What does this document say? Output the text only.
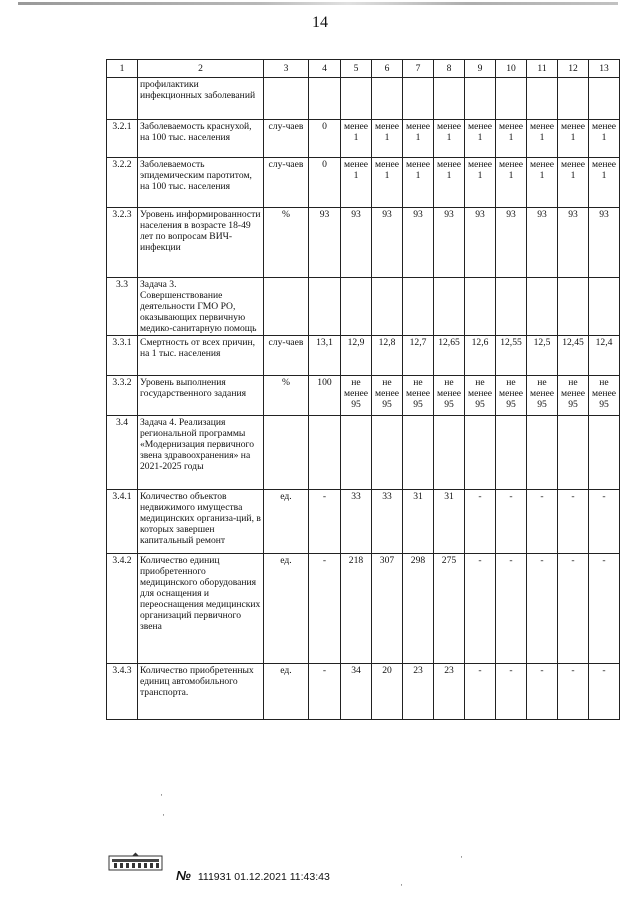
14
1	2	3	4	5	6	7	8	9	10	11	12	13
	профилактики инфекционных заболеваний											
3.2.1	Заболеваемость краснухой, на 100 тыс. населения	слу-чаев	0	менее 1	менее 1	менее 1	менее 1	менее 1	менее 1	менее 1	менее 1	менее 1
3.2.2	Заболеваемость эпидемическим паротитом, на 100 тыс. населения	слу-чаев	0	менее 1	менее 1	менее 1	менее 1	менее 1	менее 1	менее 1	менее 1	менее 1
3.2.3	Уровень информированности населения в возрасте 18-49 лет по вопросам ВИЧ-инфекции	%	93	93	93	93	93	93	93	93	93	93
3.3	Задача 3. Совершенствование деятельности ГМО РО, оказывающих первичную медико-санитарную помощь											
3.3.1	Смертность от всех причин, на 1 тыс. населения	слу-чаев	13,1	12,9	12,8	12,7	12,65	12,6	12,55	12,5	12,45	12,4
3.3.2	Уровень выполнения государственного задания	%	100	не менее 95	не менее 95	не менее 95	не менее 95	не менее 95	не менее 95	не менее 95	не менее 95	не менее 95
3.4	Задача 4. Реализация региональной программы «Модернизация первичного звена здравоохранения» на 2021-2025 годы											
3.4.1	Количество объектов недвижимого имущества медицинских организа-ций, в которых завершен капитальный ремонт	ед.	-	33	33	31	31	-	-	-	-	-
3.4.2	Количество единиц приобретенного медицинского оборудования для оснащения и переоснащения медицинских организаций первичного звена	ед.	-	218	307	298	275	-	-	-	-	-
3.4.3	Количество приобретенных единиц автомобильного транспорта.	ед.	-	34	20	23	23	-	-	-	-	-
№ 111931 01.12.2021 11:43:43
·
·
·
·
